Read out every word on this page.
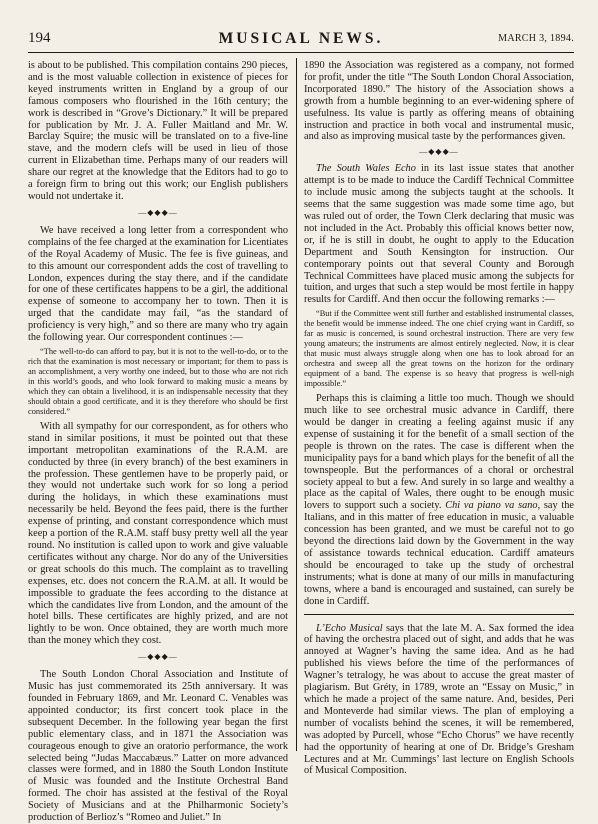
194	MUSICAL NEWS.	MARCH 3, 1894.

is about to be published. This compilation contains 290 pieces, and is the most valuable collection in existence of pieces for keyed instruments written in England by a group of our famous composers who flourished in the 16th century; the work is described in “Grove’s Dictionary.” It will be prepared for publication by Mr. J. A. Fuller Maitland and Mr. W. Barclay Squire; the music will be translated on to a five-line stave, and the modern clefs will be used in lieu of those current in Elizabethan time. Perhaps many of our readers will share our regret at the knowledge that the Editors had to go to a foreign firm to bring out this work; our English publishers would not undertake it.

—◆◆◆—

We have received a long letter from a correspondent who complains of the fee charged at the examination for Licentiates of the Royal Academy of Music. The fee is five guineas, and to this amount our correspondent adds the cost of travelling to London, expences during the stay there, and if the candidate for one of these certificates happens to be a girl, the additional expense of someone to accompany her to town. Then it is urged that the candidate may fail, “as the standard of proficiency is very high,” and so there are many who try again the following year. Our correspondent continues :—

“The well-to-do can afford to pay, but it is not to the well-to-do, or to the rich that the examination is most necessary or important; for them to pass is an accomplishment, a very worthy one indeed, but to those who are not rich in this world’s goods, and who look forward to making music a means by which they can obtain a livelihood, it is an indispensable necessity that they should obtain a good certificate, and it is they therefore who should be first considered.”

With all sympathy for our correspondent, as for others who stand in similar positions, it must be pointed out that these important metropolitan examinations of the R.A.M. are conducted by three (in every branch) of the best examiners in the profession. These gentlemen have to be properly paid, or they would not undertake such work for so long a period during the holidays, in which these examinations must necessarily be held. Beyond the fees paid, there is the further expense of printing, and constant correspondence which must keep a portion of the R.A.M. staff busy pretty well all the year round. No institution is called upon to work and give valuable certificates without any charge. Nor do any of the Universities or great schools do this much. The complaint as to travelling expenses, etc. does not concern the R.A.M. at all. It would be impossible to graduate the fees according to the distance at which the candidates live from London, and the amount of the hotel bills. These certificates are highly prized, and are not lightly to be won. Once obtained, they are worth much more than the money which they cost.

—◆◆◆—

The South London Choral Association and Institute of Music has just commemorated its 25th anniversary. It was founded in February 1869, and Mr. Leonard C. Venables was appointed conductor; its first concert took place in the subsequent December. In the following year began the first public elementary class, and in 1871 the Association was courageous enough to give an oratorio performance, the work selected being “Judas Maccabæus.” Latter on more advanced classes were formed, and in 1880 the South London Institute of Music was founded and the Institute Orchestral Band formed. The choir has assisted at the festival of the Royal Society of Musicians and at the Philharmonic Society’s production of Berlioz’s “Romeo and Juliet.” In

1890 the Association was registered as a company, not formed for profit, under the title “The South London Choral Association, Incorporated 1890.” The history of the Association shows a growth from a humble beginning to an ever-widening sphere of usefulness. Its value is partly as offering means of obtaining instruction and practice in both vocal and instrumental music, and also as improving musical taste by the performances given.

—◆◆◆—

The South Wales Echo in its last issue states that another attempt is to be made to induce the Cardiff Technical Committee to include music among the subjects taught at the schools. It seems that the same suggestion was made some time ago, but was ruled out of order, the Town Clerk declaring that music was not included in the Act. Probably this official knows better now, or, if he is still in doubt, he ought to apply to the Education Department and South Kensington for instruction. Our contemporary points out that several County and Borough Technical Committees have placed music among the subjects for tuition, and urges that such a step would be most fertile in happy results for Cardiff. And then occur the following remarks :—

“But if the Committee went still further and established instrumental classes, the benefit would be immense indeed. The one chief crying want in Cardiff, so far as music is concerned, is sound orchestral instruction. There are very few young amateurs; the instruments are almost entirely neglected. Now, it is clear that music must always struggle along when one has to look abroad for an orchestra and sweep all the great towns on the horizon for the ordinary equipment of a band. The expense is so heavy that progress is well-nigh impossible.”

Perhaps this is claiming a little too much. Though we should much like to see orchestral music advance in Cardiff, there would be danger in creating a feeling against music if any expense of sustaining it for the benefit of a small section of the people is thrown on the rates. The case is different when the municipality pays for a band which plays for the benefit of all the townspeople. But the performances of a choral or orchestral society appeal to but a few. And surely in so large and wealthy a place as the capital of Wales, there ought to be enough music lovers to support such a society. Chi va piano va sano, say the Italians, and in this matter of free education in music, a valuable concession has been granted, and we must be careful not to go beyond the directions laid down by the Government in the way of assistance towards technical education. Cardiff amateurs should be encouraged to take up the study of orchestral instruments; what is done at many of our mills in manufacturing towns, where a band is encouraged and sustained, can surely be done in Cardiff.

L’Echo Musical says that the late M. A. Sax formed the idea of having the orchestra placed out of sight, and adds that he was annoyed at Wagner’s having the same idea. And as he had published his views before the time of the performances of Wagner’s tetralogy, he was about to accuse the great master of plagiarism. But Gréty, in 1789, wrote an “Essay on Music,” in which he made a project of the same nature. And, besides, Peri and Monteverde had similar views. The plan of employing a number of vocalists behind the scenes, it will be remembered, was adopted by Purcell, whose “Echo Chorus” we have recently had the opportunity of hearing at one of Dr. Bridge’s Gresham Lectures and at Mr. Cummings’ last lecture on English Schools of Musical Composition.
